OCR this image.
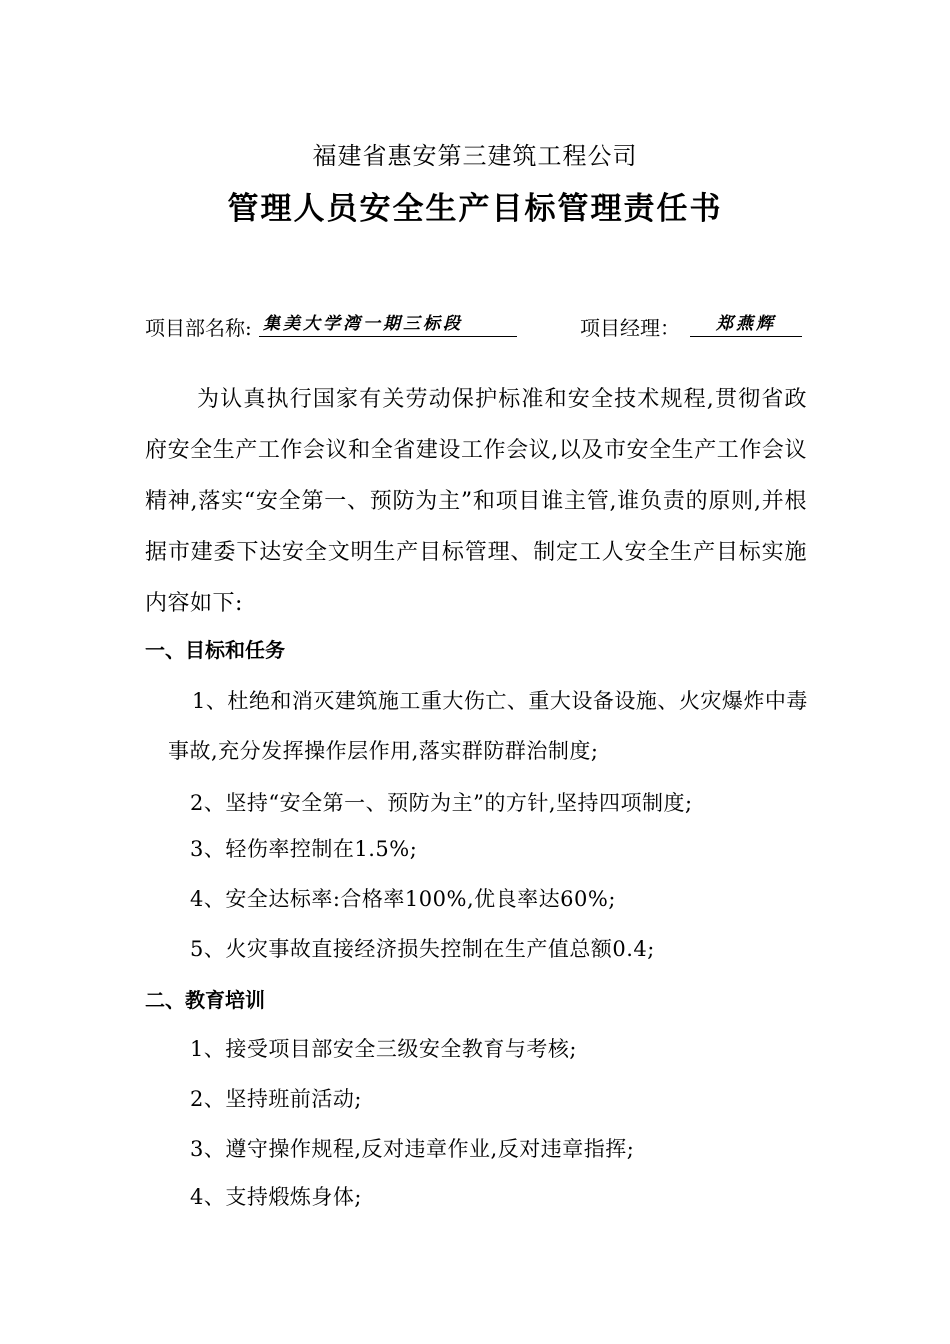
福建省惠安第三建筑工程公司
管理人员安全生产目标管理责任书
项目部名称: 集美大学湾一期三标段	项目经理：	郑燕辉
为认真执行国家有关劳动保护标准和安全技术规程,贯彻省政府安全生产工作会议和全省建设工作会议,以及市安全生产工作会议精神,落实“安全第一、预防为主”和项目谁主管,谁负责的原则,并根据市建委下达安全文明生产目标管理、制定工人安全生产目标实施内容如下:
一、目标和任务
1、杜绝和消灭建筑施工重大伤亡、重大设备设施、火灾爆炸中毒事故,充分发挥操作层作用,落实群防群治制度;
2、坚持“安全第一、预防为主”的方针,坚持四项制度;
3、轻伤率控制在1.5%;
4、安全达标率:合格率100%,优良率达60%;
5、火灾事故直接经济损失控制在生产值总额0.4;
二、教育培训
1、接受项目部安全三级安全教育与考核;
2、坚持班前活动;
3、遵守操作规程,反对违章作业,反对违章指挥;
4、支持煅炼身体;
